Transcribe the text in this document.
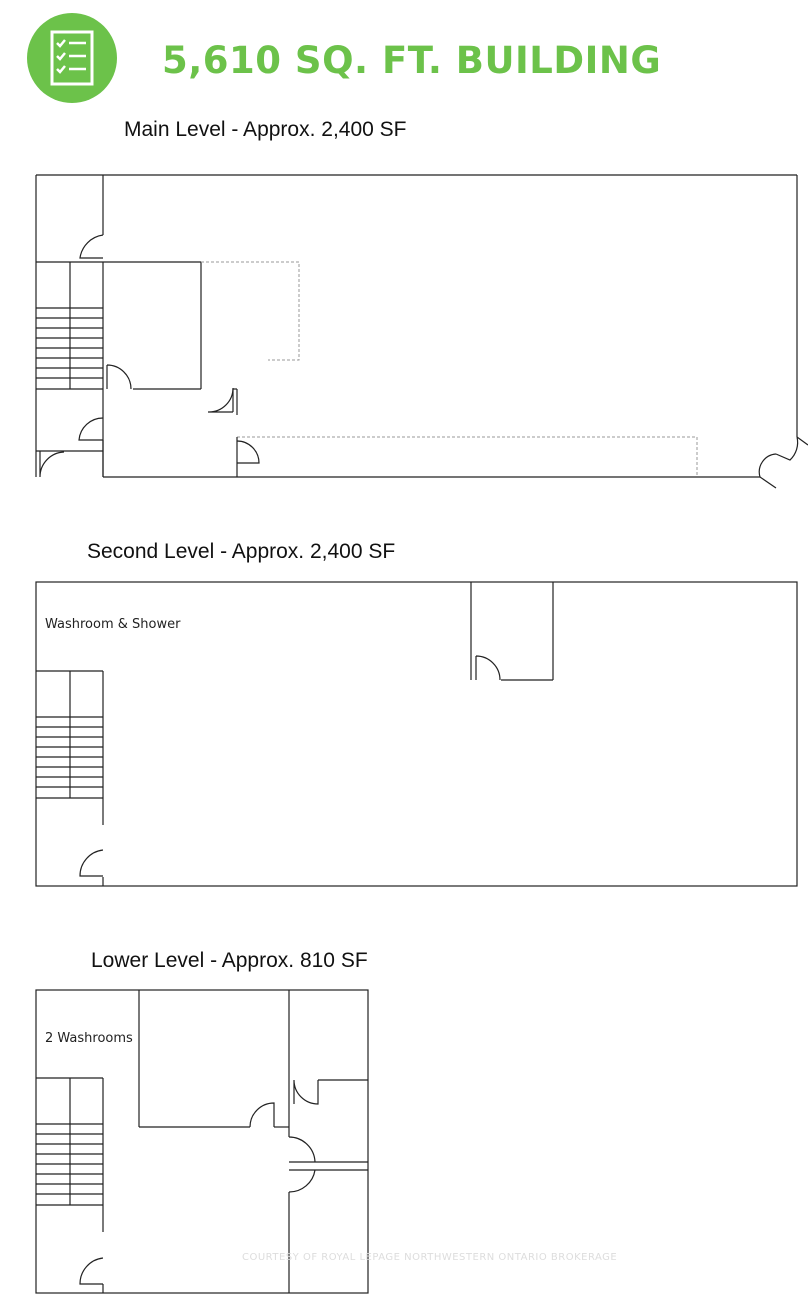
5,610 SQ. FT. BUILDING
Main Level - Approx. 2,400 SF
Second Level - Approx. 2,400 SF
Washroom & Shower
Lower Level - Approx. 810 SF
2 Washrooms
COURTESY OF ROYAL LEPAGE NORTHWESTERN ONTARIO BROKERAGE
